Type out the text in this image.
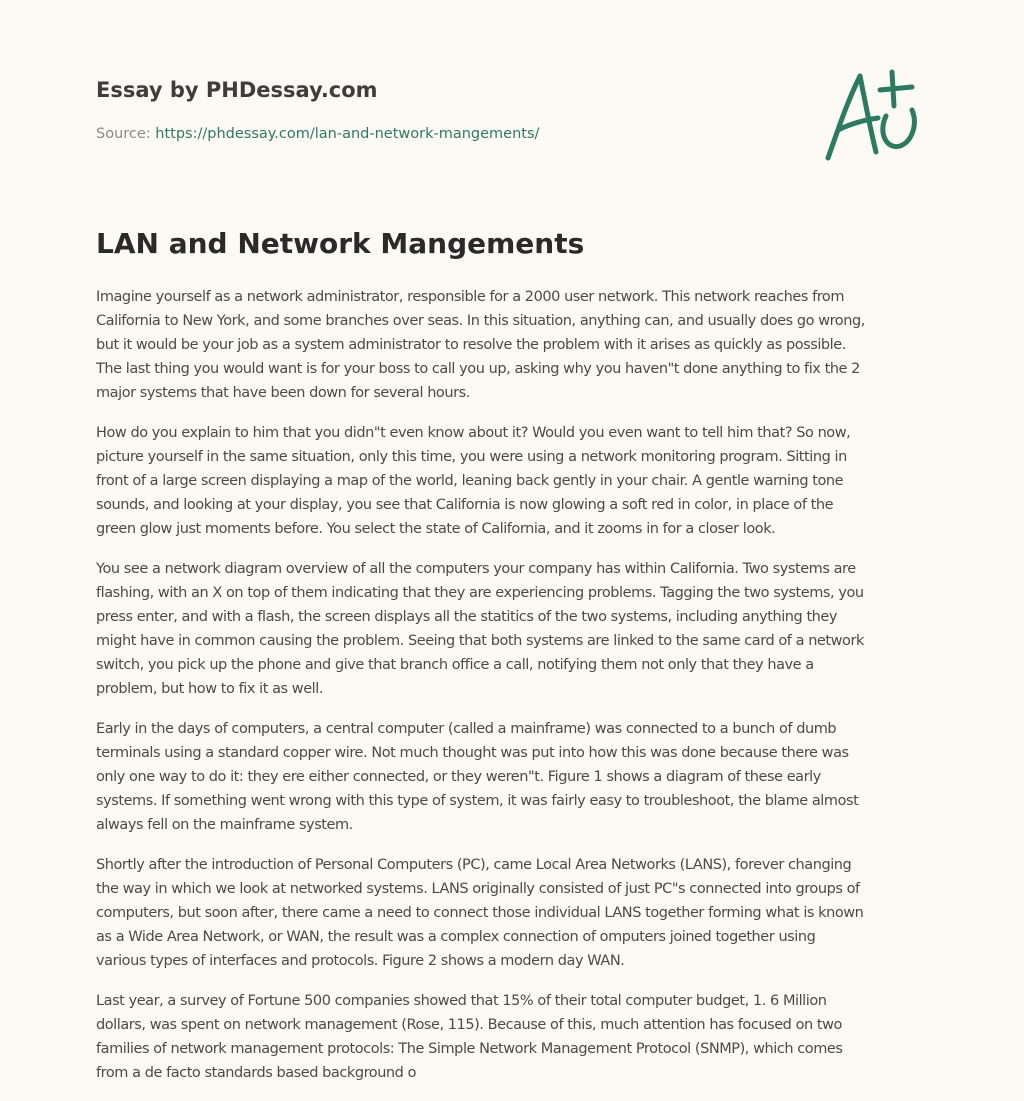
Essay by PHDessay.com
Source: https://phdessay.com/lan-and-network-mangements/
LAN and Network Mangements

Imagine yourself as a network administrator, responsible for a 2000 user network. This network reaches from
California to New York, and some branches over seas. In this situation, anything can, and usually does go wrong,
but it would be your job as a system administrator to resolve the problem with it arises as quickly as possible.
The last thing you would want is for your boss to call you up, asking why you haven"t done anything to fix the 2
major systems that have been down for several hours.

How do you explain to him that you didn"t even know about it? Would you even want to tell him that? So now,
picture yourself in the same situation, only this time, you were using a network monitoring program. Sitting in
front of a large screen displaying a map of the world, leaning back gently in your chair. A gentle warning tone
sounds, and looking at your display, you see that California is now glowing a soft red in color, in place of the
green glow just moments before. You select the state of California, and it zooms in for a closer look.

You see a network diagram overview of all the computers your company has within California. Two systems are
flashing, with an X on top of them indicating that they are experiencing problems. Tagging the two systems, you
press enter, and with a flash, the screen displays all the statitics of the two systems, including anything they
might have in common causing the problem. Seeing that both systems are linked to the same card of a network
switch, you pick up the phone and give that branch office a call, notifying them not only that they have a
problem, but how to fix it as well.

Early in the days of computers, a central computer (called a mainframe) was connected to a bunch of dumb
terminals using a standard copper wire. Not much thought was put into how this was done because there was
only one way to do it: they ere either connected, or they weren"t. Figure 1 shows a diagram of these early
systems. If something went wrong with this type of system, it was fairly easy to troubleshoot, the blame almost
always fell on the mainframe system.

Shortly after the introduction of Personal Computers (PC), came Local Area Networks (LANS), forever changing
the way in which we look at networked systems. LANS originally consisted of just PC"s connected into groups of
computers, but soon after, there came a need to connect those individual LANS together forming what is known
as a Wide Area Network, or WAN, the result was a complex connection of omputers joined together using
various types of interfaces and protocols. Figure 2 shows a modern day WAN.

Last year, a survey of Fortune 500 companies showed that 15% of their total computer budget, 1. 6 Million
dollars, was spent on network management (Rose, 115). Because of this, much attention has focused on two
families of network management protocols: The Simple Network Management Protocol (SNMP), which comes
from a de facto standards based background o
